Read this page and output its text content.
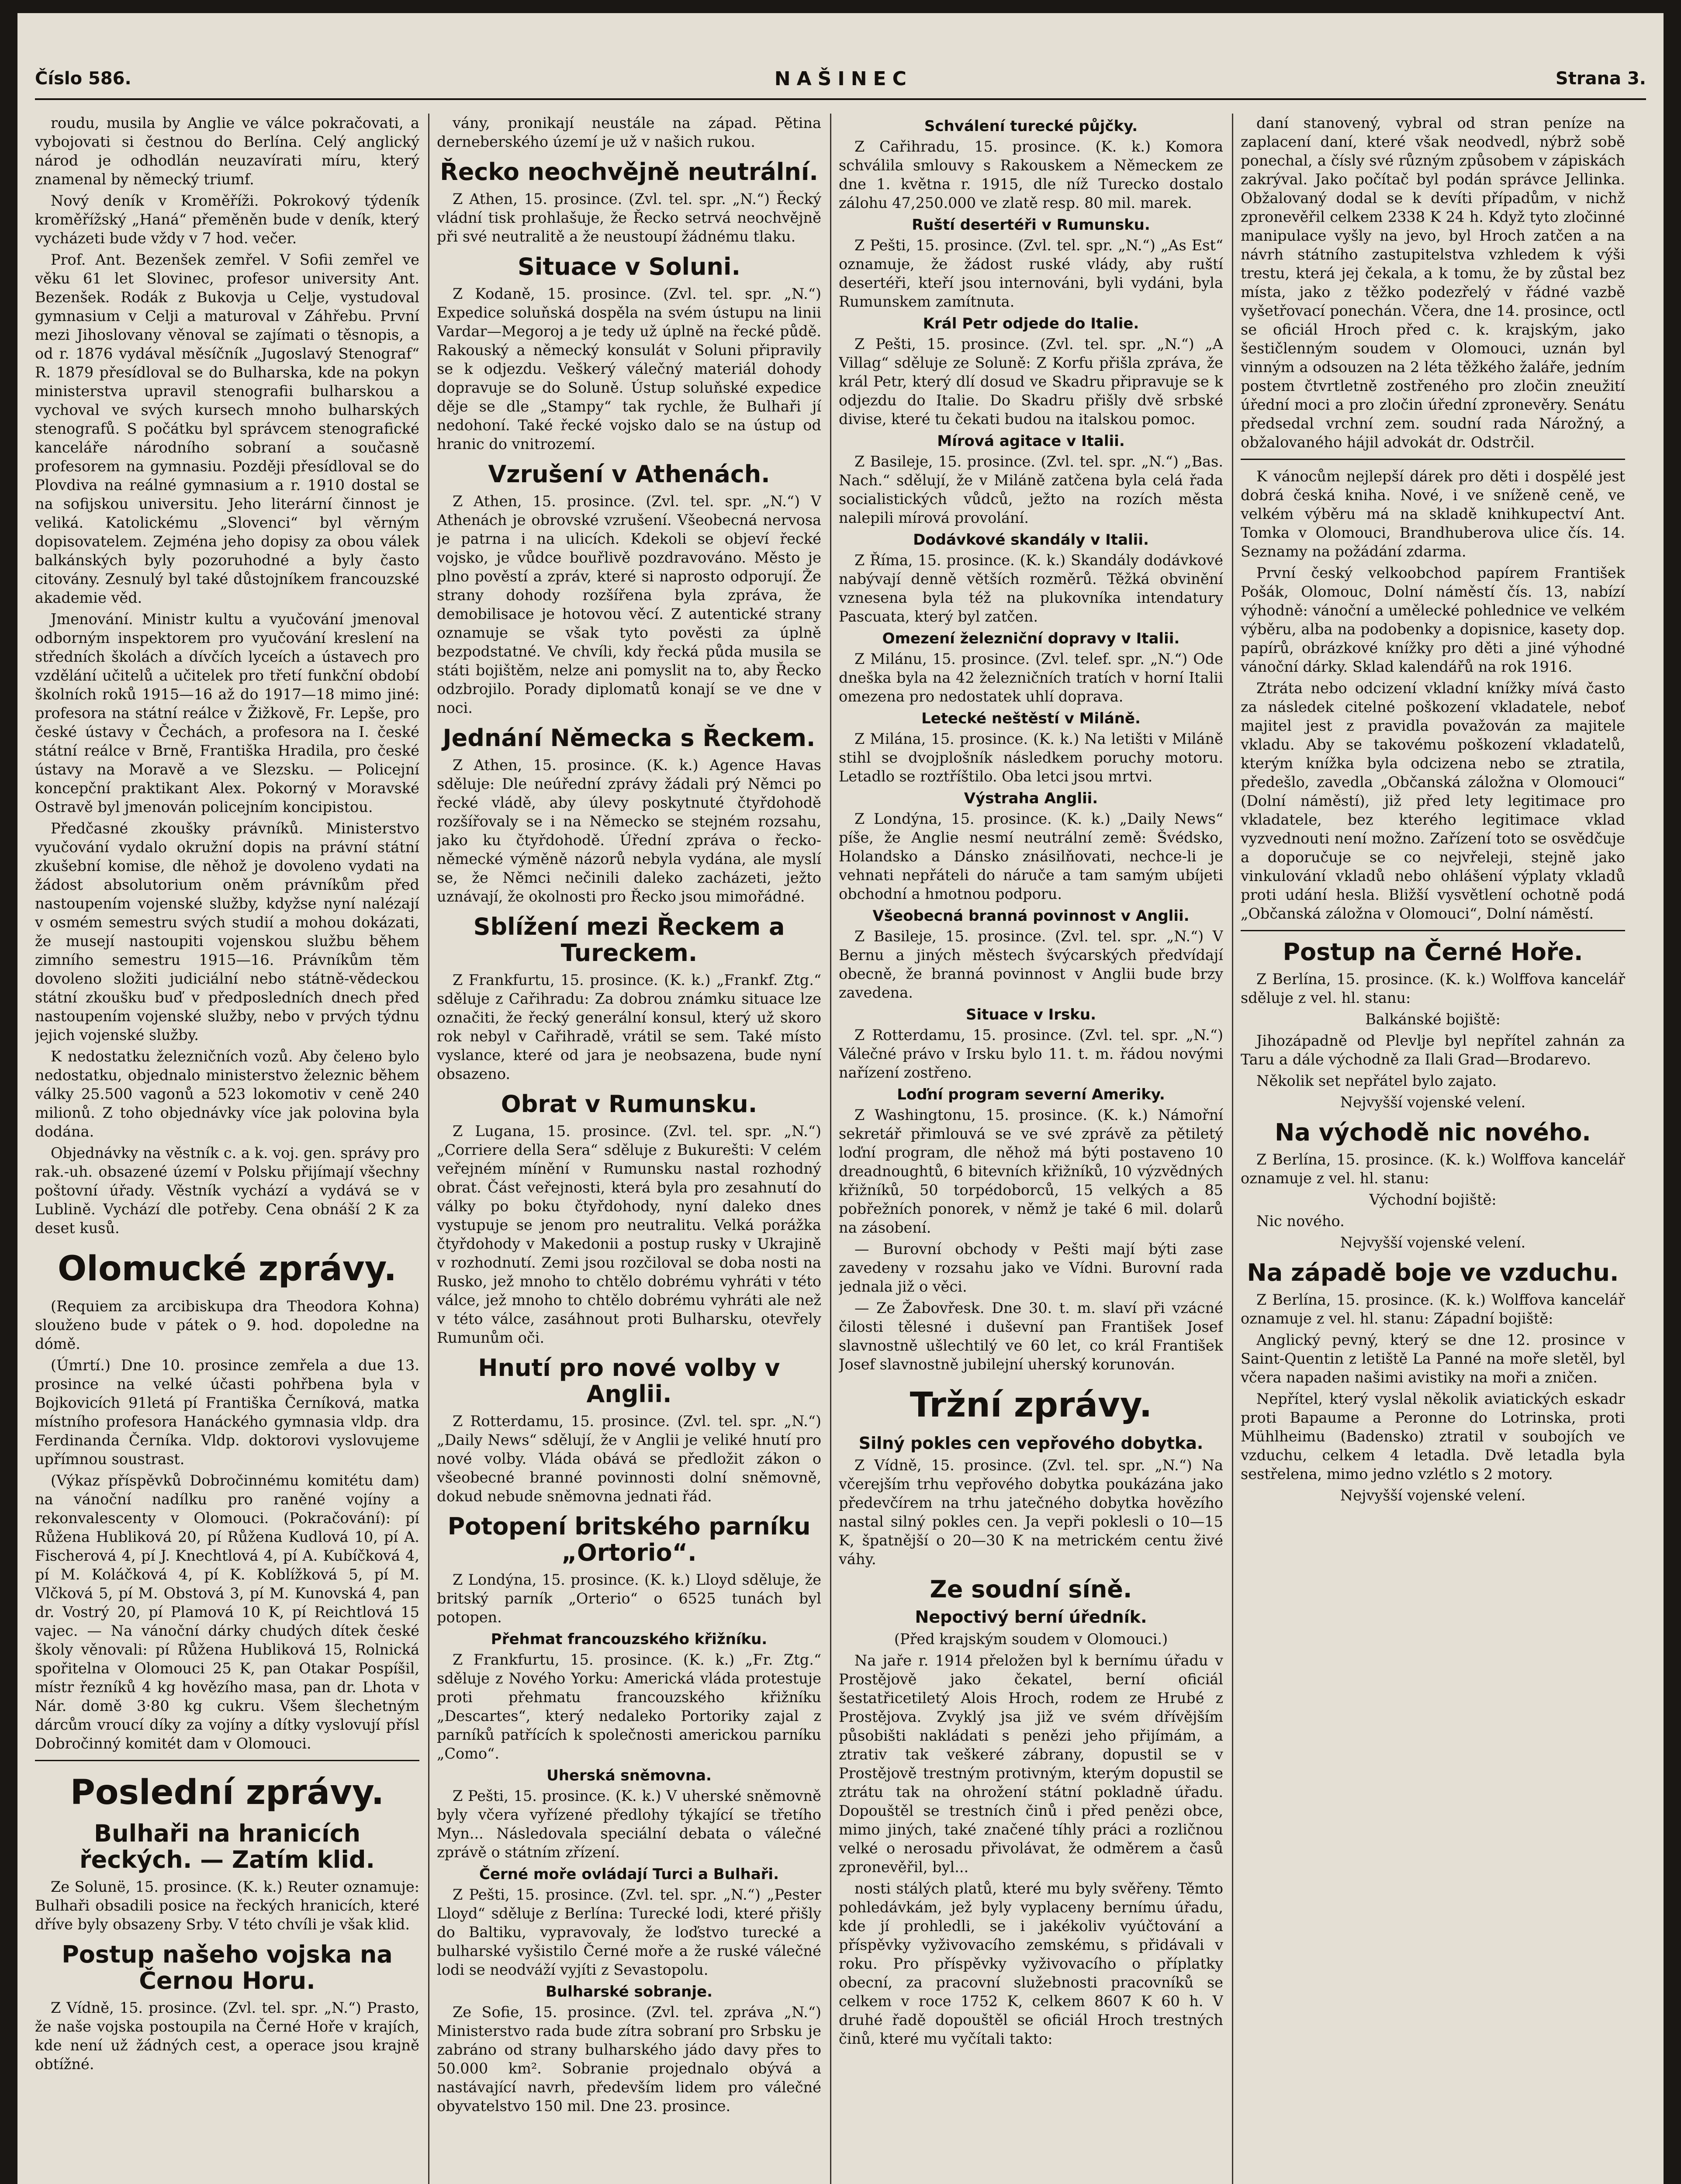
Číslo 586.	NAŠINEC	Strana 3.

roudu, musila by Anglie ve válce pokračovati, a vybojovati si čestnou do Berlína. Celý anglický národ je odhodlán neuzavírati míru, který znamenal by německý triumf.

Nový deník v Kroměříži. Pokrokový týdeník kroměřížský „Haná“ přeměněn bude v deník, který vycházeti bude vždy v 7 hod. večer.

Prof. Ant. Bezenšek zemřel. V Sofii zemřel ve věku 61 let Slovinec, profesor university Ant. Bezenšek. Rodák z Bukovja u Celje, vystudoval gymnasium v Celji a maturoval v Záhřebu. První mezi Jihoslovany věnoval se zajímati o těsnopis, a od r. 1876 vydával měsíčník „Jugoslavý Stenograf“ R. 1879 přesídloval se do Bulharska, kde na pokyn ministerstva upravil stenografii bulharskou a vychoval ve svých kursech mnoho bulharských stenografů. S počátku byl správcem stenografické kanceláře národního sobraní a současně profesorem na gymnasiu. Později přesídloval se do Plovdiva na reálné gymnasium a r. 1910 dostal se na sofijskou universitu. Jeho literární činnost je veliká. Katolickému „Slovenci“ byl věrným dopisovatelem. Zejména jeho dopisy za obou válek balkánských byly pozoruhodné a byly často citovány. Zesnulý byl také důstojníkem francouzské akademie věd.

Jmenování. Ministr kultu a vyučování jmenoval odborným inspektorem pro vyučování kreslení na středních školách a dívčích lyceích a ústavech pro vzdělání učitelů a učitelek pro třetí funkční období školních roků 1915—16 až do 1917—18 mimo jiné: profesora na státní reálce v Žižkově, Fr. Lepše, pro české ústavy v Čechách, a profesora na I. české státní reálce v Brně, Františka Hradila, pro české ústavy na Moravě a ve Slezsku. — Policejní koncepční praktikant Alex. Pokorný v Moravské Ostravě byl jmenován policejním koncipistou.

Předčasné zkoušky právníků. Ministerstvo vyučování vydalo okružní dopis na právní státní zkušební komise, dle něhož je dovoleno vydati na žádost absolutorium oněm právníkům před nastoupením vojenské služby, kdyžse nyní nalézají v osmém semestru svých studií a mohou dokázati, že musejí nastoupiti vojenskou službu během zimního semestru 1915—16. Právníkům těm dovoleno složiti judiciální nebo státně-vědeckou státní zkoušku buď v předposledních dnech před nastoupením vojenské služby, nebo v prvých týdnu jejich vojenské služby.

K nedostatku železničních vozů. Aby čelено bylo nedostatku, objednalo ministerstvo železnic během války 25.500 vagonů a 523 lokomotiv v ceně 240 milionů. Z toho objednávky více jak polovina byla dodána.

Objednávky na věstník c. a k. voj. gen. správy pro rak.-uh. obsazené území v Polsku přijímají všechny poštovní úřady. Věstník vychází a vydává se v Lublině. Vychází dle potřeby. Cena obnáší 2 K za deset kusů.

Olomucké zprávy.

(Requiem za arcibiskupa dra Theodora Kohna) slouženo bude v pátek o 9. hod. dopoledne na dómě.

(Úmrtí.) Dne 10. prosince zemřela a due 13. prosince na velké účasti pohřbena byla v Bojkovicích 91letá pí Františka Černíková, matka místního profesora Hanáckého gymnasia vldp. dra Ferdinanda Černíka. Vldp. doktorovi vyslovujeme upřímnou soustrast.

(Výkaz příspěvků Dobročinnému komitétu dam) na vánoční nadílku pro raněné vojíny a rekonvalescenty v Olomouci. (Pokračování): pí Růžena Hubliková 20, pí Růžena Kudlová 10, pí A. Fischerová 4, pí J. Knechtlová 4, pí A. Kubíčková 4, pí M. Koláčková 4, pí K. Koblížková 5, pí M. Vlčková 5, pí M. Obstová 3, pí M. Kunovská 4, pan dr. Vostrý 20, pí Plamová 10 K, pí Reichtlová 15 vajec. — Na vánoční dárky chudých dítek české školy věnovali: pí Růžena Hubliková 15, Rolnická spořitelna v Olomouci 25 K, pan Otakar Pospíšil, místr řezníků 4 kg hovězího masa, pan dr. Lhota v Nár. domě 3·80 kg cukru. Všem šlechetným dárcům vroucí díky za vojíny a dítky vyslovují přísl Dobročinný komitét dam v Olomouci.

Poslední zprávy.
Bulhaři na hranicích řeckých. — Zatím klid.

Ze Solunë, 15. prosince. (K. k.) Reuter oznamuje: Bulhaři obsadili posice na řeckých hranicích, které dříve byly obsazeny Srby. V této chvíli je však klid.

Postup našeho vojska na Černou Horu.

Z Vídně, 15. prosince. (Zvl. tel. spr. „N.“) Prasto, že naše vojska postoupila na Černé Hoře v krajích, kde není už žádných cest, a operace jsou krajně obtížné.

vány, pronikají neustále na západ. Pětina derneberského území je už v našich rukou.

Řecko neochvějně neutrální.

Z Athen, 15. prosince. (Zvl. tel. spr. „N.“) Řecký vládní tisk prohlašuje, že Řecko setrvá neochvějně při své neutralitě a že neustoupí žádnému tlaku.

Situace v Soluni.

Z Kodaně, 15. prosince. (Zvl. tel. spr. „N.“) Expedice soluňská dospěla na svém ústupu na linii Vardar—Megoroj a je tedy už úplně na řecké půdě. Rakouský a německý konsulát v Soluni připravily se k odjezdu. Veškerý válečný materiál dohody dopravuje se do Soluně. Ústup soluňské expedice děje se dle „Stampy“ tak rychle, že Bulhaři jí nedohoní. Také řecké vojsko dalo se na ústup od hranic do vnitrozemí.

Vzrušení v Athenách.

Z Athen, 15. prosince. (Zvl. tel. spr. „N.“) V Athenách je obrovské vzrušení. Všeobecná nervosa je patrna i na ulicích. Kdekoli se objeví řecké vojsko, je vůdce bouřlivě pozdravováno. Město je plno pověstí a zpráv, které si naprosto odporují. Že strany dohody rozšířena byla zpráva, že demobilisace je hotovou věcí. Z autentické strany oznamuje se však tyto pověsti za úplně bezpodstatné. Ve chvíli, kdy řecká půda musila se státi bojištěm, nelze ani pomyslit na to, aby Řecko odzbrojilo. Porady diplomatů konají se ve dne v noci.

Jednání Německa s Řeckem.

Z Athen, 15. prosince. (K. k.) Agence Havas sděluje: Dle neúřední zprávy žádali prý Němci po řecké vládě, aby úlevy poskytnuté čtyřdohodě rozšířovaly se i na Německo se stejném rozsahu, jako ku čtyřdohodě. Úřední zpráva o řecko-německé výměně názorů nebyla vydána, ale myslí se, že Němci nečinili daleko zacházeti, ježto uznávají, že okolnosti pro Řecko jsou mimořádné.

Sblížení mezi Řeckem a Tureckem.

Z Frankfurtu, 15. prosince. (K. k.) „Frankf. Ztg.“ sděluje z Cařihradu: Za dobrou známku situace lze označiti, že řecký generální konsul, který už skoro rok nebyl v Cařihradě, vrátil se sem. Také místo vyslance, které od jara je neobsazena, bude nyní obsazeno.

Obrat v Rumunsku.

Z Lugana, 15. prosince. (Zvl. tel. spr. „N.“) „Corriere della Sera“ sděluje z Bukurešti: V celém veřejném mínění v Rumunsku nastal rozhodný obrat. Část veřejnosti, která byla pro zesahnutí do války po boku čtyřdohody, nyní daleko dnes vystupuje se jenom pro neutralitu. Velká porážka čtyřdohody v Makedonii a postup rusky v Ukrajině v rozhodnutí. Zemi jsou rozčiloval se doba nosti na Rusko, jež mnoho to chtělo dobrému vyhráti v této válce, jež mnoho to chtělo dobrému vyhráti ale než v této válce, zasáhnout proti Bulharsku, otevřely Rumunům oči.

Hnutí pro nové volby v Anglii.

Z Rotterdamu, 15. prosince. (Zvl. tel. spr. „N.“) „Daily News“ sdělují, že v Anglii je veliké hnutí pro nové volby. Vláda obává se předložit zákon o všeobecné branné povinnosti dolní sněmovně, dokud nebude sněmovna jednati řád.

Potopení britského parníku „Ortorio“.

Z Londýna, 15. prosince. (K. k.) Lloyd sděluje, že britský parník „Orterio“ o 6525 tunách byl potopen.

Přehmat francouzského křižníku.

Z Frankfurtu, 15. prosince. (K. k.) „Fr. Ztg.“ sděluje z Nového Yorku: Americká vláda protestuje proti přehmatu francouzského křižníku „Descartes“, který nedaleko Portoriky zajal z parníků patřících k společnosti americkou parníku „Como“.

Uherská sněmovna.

Z Pešti, 15. prosince. (K. k.) V uherské sněmovně byly včera vyřízené předlohy týkající se třetího Myn... Následovala speciální debata o válečné zprávě o státním zřízení.

Černé moře ovládají Turci a Bulhaři.

Z Pešti, 15. prosince. (Zvl. tel. spr. „N.“) „Pester Lloyd“ sděluje z Berlína: Turecké lodi, které přišly do Baltiku, vypravovaly, že loďstvo turecké a bulharské vyšistilo Černé moře a že ruské válečné lodi se neodváží vyjíti z Sevastopolu.

Bulharské sobranje.

Ze Sofie, 15. prosince. (Zvl. tel. zpráva „N.“) Ministerstvo rada bude zítra sobraní pro Srbsku je zabráno od strany bulharského jádo davy přes to 50.000 km². Sobranie projednalo obývá a nastávající navrh, především lidem pro válečné obyvatelstvo 150 mil. Dne 23. prosince.

Schválení turecké půjčky.

Z Cařihradu, 15. prosince. (K. k.) Komora schválila smlouvy s Rakouskem a Německem ze dne 1. května r. 1915, dle níž Turecko dostalo zálohu 47,250.000 ve zlatě resp. 80 mil. marek.

Ruští desertéři v Rumunsku.

Z Pešti, 15. prosince. (Zvl. tel. spr. „N.“) „As Est“ oznamuje, že žádost ruské vlády, aby ruští desertéři, kteří jsou internováni, byli vydáni, byla Rumunskem zamítnuta.

Král Petr odjede do Italie.

Z Pešti, 15. prosince. (Zvl. tel. spr. „N.“) „A Villag“ sděluje ze Soluně: Z Korfu přišla zpráva, že král Petr, který dlí dosud ve Skadru připravuje se k odjezdu do Italie. Do Skadru přišly dvě srbské divise, které tu čekati budou na italskou pomoc.

Mírová agitace v Italii.

Z Basileje, 15. prosince. (Zvl. tel. spr. „N.“) „Bas. Nach.“ sdělují, že v Miláně zatčena byla celá řada socialistických vůdců, ježto na rozích města nalepili mírová provolání.

Dodávkové skandály v Italii.

Z Říma, 15. prosince. (K. k.) Skandály dodávkové nabývají denně větších rozměrů. Těžká obvinění vznesena byla též na plukovníka intendatury Pascuata, který byl zatčen.

Omezení železniční dopravy v Italii.

Z Milánu, 15. prosince. (Zvl. telef. spr. „N.“) Ode dneška byla na 42 železničních tratích v horní Italii omezena pro nedostatek uhlí doprava.

Letecké neštěstí v Miláně.

Z Milána, 15. prosince. (K. k.) Na letišti v Miláně stihl se dvojplošník následkem poruchy motoru. Letadlo se roztříštilo. Oba letci jsou mrtvi.

Výstraha Anglii.

Z Londýna, 15. prosince. (K. k.) „Daily News“ píše, že Anglie nesmí neutrální země: Švédsko, Holandsko a Dánsko znásilňovati, nechce-li je vehnati nepřáteli do náruče a tam samým ubíjeti obchodní a hmotnou podporu.

Všeobecná branná povinnost v Anglii.

Z Basileje, 15. prosince. (Zvl. tel. spr. „N.“) V Bernu a jiných městech švýcarských předvídají obecně, že branná povinnost v Anglii bude brzy zavedena.

Situace v Irsku.

Z Rotterdamu, 15. prosince. (Zvl. tel. spr. „N.“) Válečné právo v Irsku bylo 11. t. m. řádou novými nařízení zostřeno.

Loďní program severní Ameriky.

Z Washingtonu, 15. prosince. (K. k.) Námořní sekretář přimlouvá se ve své zprávě za pětiletý loďní program, dle něhož má býti postaveno 10 dreadnoughtů, 6 bitevních křižníků, 10 výzvědných křižníků, 50 torpédoborců, 15 velkých a 85 pobřežních ponorek, v němž je také 6 mil. dolarů na zásobení.

— Burovní obchody v Pešti mají býti zase zavedeny v rozsahu jako ve Vídni. Burovní rada jednala již o věci.

— Ze Žabovřesk. Dne 30. t. m. slaví při vzácné čilosti tělesné i duševní pan František Josef slavnostně ušlechtilý ve 60 let, co král František Josef slavnostně jubilejní uherský korunován.

Tržní zprávy.
Silný pokles cen vepřového dobytka.

Z Vídně, 15. prosince. (Zvl. tel. spr. „N.“) Na včerejším trhu vepřového dobytka poukázána jako předevčírem na trhu jatečného dobytka hovězího nastal silný pokles cen. Ja vepři poklesli o 10—15 K, špatnější o 20—30 K na metrickém centu živé váhy.

Ze soudní síně.
Nepoctivý berní úředník.

(Před krajským soudem v Olomouci.)

Na jaře r. 1914 přeložen byl k bernímu úřadu v Prostějově jako čekatel, berní oficiál šestatřicetiletý Alois Hroch, rodem ze Hrubé z Prostějova. Zvyklý jsa již ve svém dřívějším působišti nakládati s penězi jeho přijímám, a ztrativ tak veškeré zábrany, dopustil se v Prostějově trestným protivným, kterým dopustil se ztrátu tak na ohrožení státní pokladně úřadu. Dopouštěl se trestních činů i před penězi obce, mimo jiných, také značené tíhly práci a rozličnou velké o nerosadu přivolávat, že odměrem a časů zpronevěřil, byl...

nosti stálých platů, které mu byly svěřeny. Těmto pohledávkám, jež byly vyplaceny bernímu úřadu, kde jí prohledli, se i jakékoliv vyúčtování a příspěvky vyživovacího zemskému, s přidávali v roku. Pro příspěvky vyživovacího o příplatky obecní, za pracovní služebnosti pracovníků se celkem v roce 1752 K, celkem 8607 K 60 h. V druhé řadě dopouštěl se oficiál Hroch trestných činů, které mu vyčítali takto:

daní stanovený, vybral od stran peníze na zaplacení daní, které však neodvedl, nýbrž sobě ponechal, a čísly své různým způsobem v zápiskách zakrýval. Jako počítač byl podán správce Jellinka. Obžalovaný dodal se k devíti případům, v nichž zpronevěřil celkem 2338 K 24 h. Když tyto zločinné manipulace vyšly na jevo, byl Hroch zatčen a na návrh státního zastupitelstva vzhledem k výši trestu, která jej čekala, a k tomu, že by zůstal bez místa, jako z těžko podezřelý v řádné vazbě vyšetřovací ponechán. Včera, dne 14. prosince, octl se oficiál Hroch před c. k. krajským, jako šestičlenným soudem v Olomouci, uznán byl vinným a odsouzen na 2 léta těžkého žaláře, jedním postem čtvrtletně zostřeného pro zločin zneužití úřední moci a pro zločin úřední zpronevěry. Senátu předsedal vrchní zem. soudní rada Nárožný, a obžalovaného hájil advokát dr. Odstrčil.

K vánocům nejlepší dárek pro děti i dospělé jest dobrá česká kniha. Nové, i ve sníženě ceně, ve velkém výběru má na skladě knihkupectví Ant. Tomka v Olomouci, Brandhuberova ulice čís. 14. Seznamy na požádání zdarma.

První český velkoobchod papírem František Pošák, Olomouc, Dolní náměstí čís. 13, nabízí výhodně: vánoční a umělecké pohlednice ve velkém výběru, alba na podobenky a dopisnice, kasety dop. papírů, obrázkové knížky pro děti a jiné výhodné vánoční dárky. Sklad kalendářů na rok 1916.

Ztráta nebo odcizení vkladní knížky mívá často za následek citelné poškození vkladatele, neboť majitel jest z pravidla považován za majitele vkladu. Aby se takovému poškození vkladatelů, kterým knížka byla odcizena nebo se ztratila, předešlo, zavedla „Občanská záložna v Olomouci“ (Dolní náměstí), již před lety legitimace pro vkladatele, bez kterého legitimace vklad vyzvednouti není možno. Zařízení toto se osvědčuje a doporučuje se co nejvřeleji, stejně jako vinkulování vkladů nebo ohlášení výplaty vkladů proti udání hesla. Bližší vysvětlení ochotně podá „Občanská záložna v Olomouci“, Dolní náměstí.

Postup na Černé Hoře.

Z Berlína, 15. prosince. (K. k.) Wolffova kancelář sděluje z vel. hl. stanu:

Balkánské bojiště:

Jihozápadně od Plevlje byl nepřítel zahnán za Taru a dále východně za Ilali Grad—Brodarevo.

Několik set nepřátel bylo zajato.

Nejvyšší vojenské velení.

Na východě nic nového.

Z Berlína, 15. prosince. (K. k.) Wolffova kancelář oznamuje z vel. hl. stanu:

Východní bojiště:

Nic nového.

Nejvyšší vojenské velení.

Na západě boje ve vzduchu.

Z Berlína, 15. prosince. (K. k.) Wolffova kancelář oznamuje z vel. hl. stanu: Západní bojiště:

Anglický pevný, který se dne 12. prosince v Saint-Quentin z letiště La Panné na moře sletěl, byl včera napaden našimi avistiky na moři a zničen.

Nepřítel, který vyslal několik aviatických eskadr proti Bapaume a Peronne do Lotrinska, proti Mühlheimu (Badensko) ztratil v soubojích ve vzduchu, celkem 4 letadla. Dvě letadla byla sestřelena, mimo jedno vzlétlo s 2 motory.

Nejvyšší vojenské velení.
